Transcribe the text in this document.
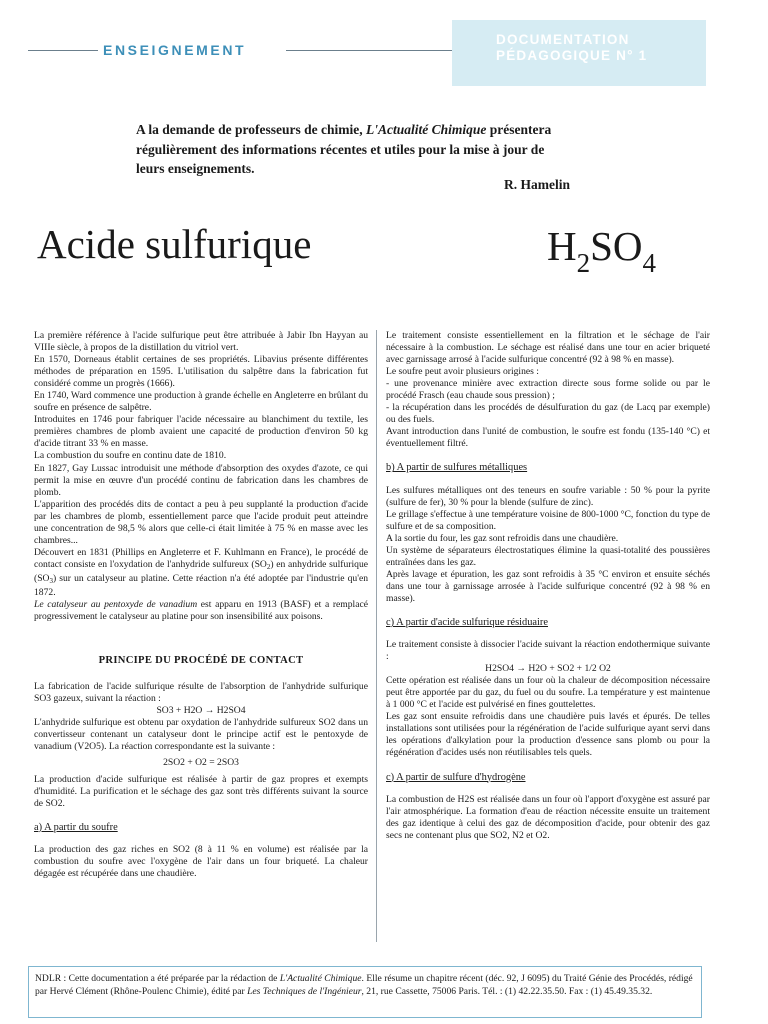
ENSEIGNEMENT
DOCUMENTATION
PÉDAGOGIQUE N° 1
A la demande de professeurs de chimie, L'Actualité Chimique présentera régulièrement des informations récentes et utiles pour la mise à jour de leurs enseignements.
R. Hamelin
Acide sulfurique	$H_2SO_4$

La première référence à l'acide sulfurique peut être attribuée à Jabir Ibn Hayyan au VIIIe siècle, à propos de la distillation du vitriol vert.

En 1570, Dorneaus établit certaines de ses propriétés. Libavius présente différentes méthodes de préparation en 1595. L'utilisation du salpêtre dans la fabrication fut considéré comme un progrès (1666).

En 1740, Ward commence une production à grande échelle en Angleterre en brûlant du soufre en présence de salpêtre.

Introduites en 1746 pour fabriquer l'acide nécessaire au blanchiment du textile, les premières chambres de plomb avaient une capacité de production d'environ 50 kg d'acide titrant 33 % en masse.

La combustion du soufre en continu date de 1810.

En 1827, Gay Lussac introduisit une méthode d'absorption des oxydes d'azote, ce qui permit la mise en œuvre d'un procédé continu de fabrication dans les chambres de plomb.

L'apparition des procédés dits de contact a peu à peu supplanté la production d'acide par les chambres de plomb, essentiellement parce que l'acide produit peut atteindre une concentration de 98,5 % alors que celle-ci était limitée à 75 % en masse avec les chambres...

Découvert en 1831 (Phillips en Angleterre et F. Kuhlmann en France), le procédé de contact consiste en l'oxydation de l'anhydride sulfureux $(SO_2)$ en anhydride sulfurique $(SO_3)$ sur un catalyseur au platine. Cette réaction n'a été adoptée par l'industrie qu'en 1872.

Le catalyseur au pentoxyde de vanadium est apparu en 1913 (BASF) et a remplacé progressivement le catalyseur au platine pour son insensibilité aux poisons.

PRINCIPE DU PROCÉDÉ DE CONTACT

La fabrication de l'acide sulfurique résulte de l'absorption de l'anhydride sulfurique SO3 gazeux, suivant la réaction :

SO3 + H2O → H2SO4

L'anhydride sulfurique est obtenu par oxydation de l'anhydride sulfureux SO2 dans un convertisseur contenant un catalyseur dont le principe actif est le pentoxyde de vanadium (V2O5). La réaction correspondante est la suivante :

2SO2 + O2 = 2SO3

La production d'acide sulfurique est réalisée à partir de gaz propres et exempts d'humidité. La purification et le séchage des gaz sont très différents suivant la source de SO2.

a) A partir du soufre

La production des gaz riches en SO2 (8 à 11 % en volume) est réalisée par la combustion du soufre avec l'oxygène de l'air dans un four briqueté. La chaleur dégagée est récupérée dans une chaudière.

Le traitement consiste essentiellement en la filtration et le séchage de l'air nécessaire à la combustion. Le séchage est réalisé dans une tour en acier briqueté avec garnissage arrosé à l'acide sulfurique concentré (92 à 98 % en masse).

Le soufre peut avoir plusieurs origines :

- une provenance minière avec extraction directe sous forme solide ou par le procédé Frasch (eau chaude sous pression) ;

- la récupération dans les procédés de désulfuration du gaz (de Lacq par exemple) ou des fuels.

Avant introduction dans l'unité de combustion, le soufre est fondu (135-140 °C) et éventuellement filtré.

b) A partir de sulfures métalliques

Les sulfures métalliques ont des teneurs en soufre variable : 50 % pour la pyrite (sulfure de fer), 30 % pour la blende (sulfure de zinc).

Le grillage s'effectue à une température voisine de 800-1000 °C, fonction du type de sulfure et de sa composition.

A la sortie du four, les gaz sont refroidis dans une chaudière.

Un système de séparateurs électrostatiques élimine la quasi-totalité des poussières entraînées dans les gaz.

Après lavage et épuration, les gaz sont refroidis à 35 °C environ et ensuite séchés dans une tour à garnissage arrosée à l'acide sulfurique concentré (92 à 98 % en masse).

c) A partir d'acide sulfurique résiduaire

Le traitement consiste à dissocier l'acide suivant la réaction endothermique suivante :

H2SO4 → H2O + SO2 + 1/2 O2

Cette opération est réalisée dans un four où la chaleur de décomposition nécessaire peut être apportée par du gaz, du fuel ou du soufre. La température y est maintenue à 1 000 °C et l'acide est pulvérisé en fines gouttelettes.

Les gaz sont ensuite refroidis dans une chaudière puis lavés et épurés. De telles installations sont utilisées pour la régénération de l'acide sulfurique ayant servi dans les opérations d'alkylation pour la production d'essence sans plomb ou pour la régénération d'acides usés non réutilisables tels quels.

c) A partir de sulfure d'hydrogène

La combustion de H2S est réalisée dans un four où l'apport d'oxygène est assuré par l'air atmosphérique. La formation d'eau de réaction nécessite ensuite un traitement des gaz identique à celui des gaz de décomposition d'acide, pour obtenir des gaz secs ne contenant plus que SO2, N2 et O2.

NDLR : Cette documentation a été préparée par la rédaction de L'Actualité Chimique. Elle résume un chapitre récent (déc. 92, J 6095) du Traité Génie des Procédés, rédigé par Hervé Clément (Rhône-Poulenc Chimie), édité par Les Techniques de l'Ingénieur, 21, rue Cassette, 75006 Paris. Tél. : (1) 42.22.35.50. Fax : (1) 45.49.35.32.
